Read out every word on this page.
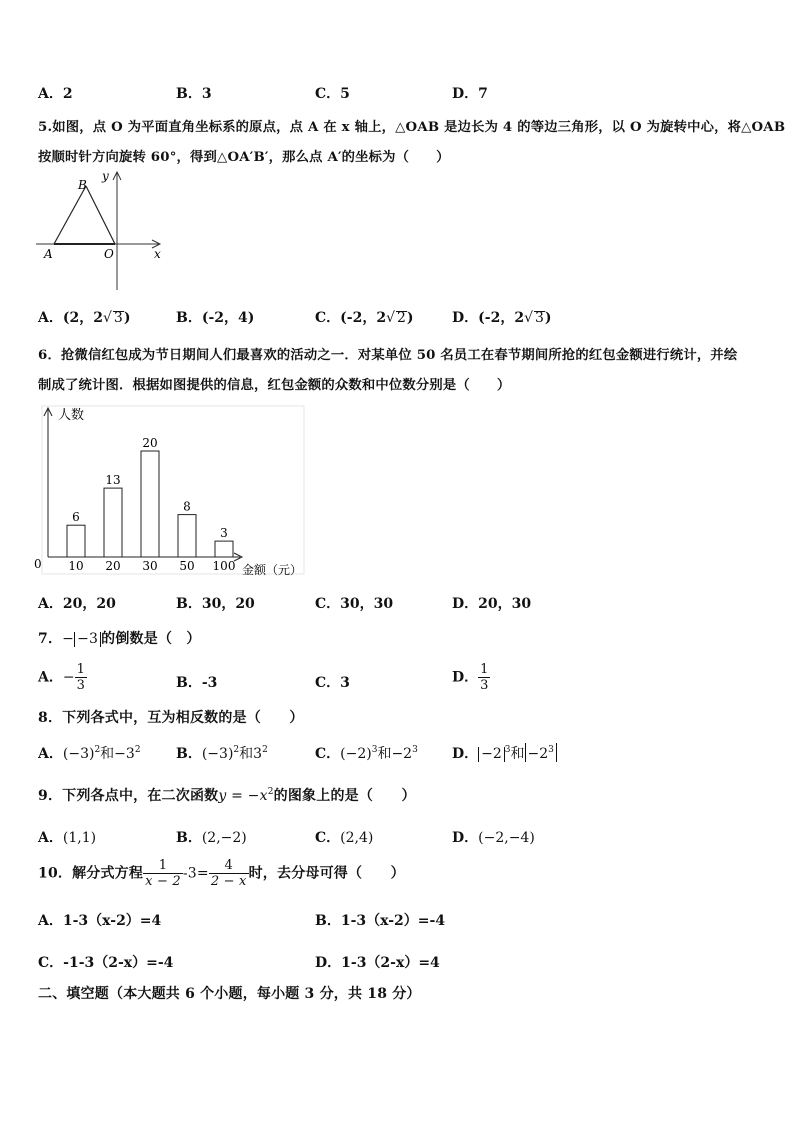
A．2	B．3	C．5	D．7
5.如图，点 O 为平面直角坐标系的原点，点 A 在 x 轴上，△OAB 是边长为 4 的等边三角形，以 O 为旋转中心，将△OAB
按顺时针方向旋转 60°，得到△OA′B′，那么点 A′的坐标为（　　）
B
y
A	O	x
A．(2，2√ 3)	B．(-2，4)	C．(-2，2√ 2)	D．(-2，2√ 3)
6．抢微信红包成为节日期间人们最喜欢的活动之一．对某单位 50 名员工在春节期间所抢的红包金额进行统计，并绘
制成了统计图．根据如图提供的信息，红包金额的众数和中位数分别是（　　）
6
10
13
20
20
30
8
50
3
100
0
人数
金额（元）
A．20，20	B．30，20	C．30，30	D．20，30
7．− −3 的倒数是（　）
A．− $\frac{1}{3}$	B．-3	C．3	D． $\frac{1}{3}$
8．下列各式中，互为相反数的是（　　）
A．$(-3)^2$和$-3^2$	B．$(-3)^2$和$3^2$	C．$(-2)^3$和$-2^3$ D． −2 $^3$和 $-2^3$
9．下列各点中，在二次函数$y = -x^2$的图象上的是（　　）
A．(1,1)	B．(2,−2)	C．(2,4)	D．(−2,−4)
10．解分式方程 $\frac{1}{x - 2} -3= \frac{4}{2 - x}$ 时，去分母可得（　　）
A．1-3（x-2）=4	B．1-3（x-2）=-4
C．-1-3（2-x）=-4	D．1-3（2-x）=4
二、填空题（本大题共 6 个小题，每小题 3 分，共 18 分）
